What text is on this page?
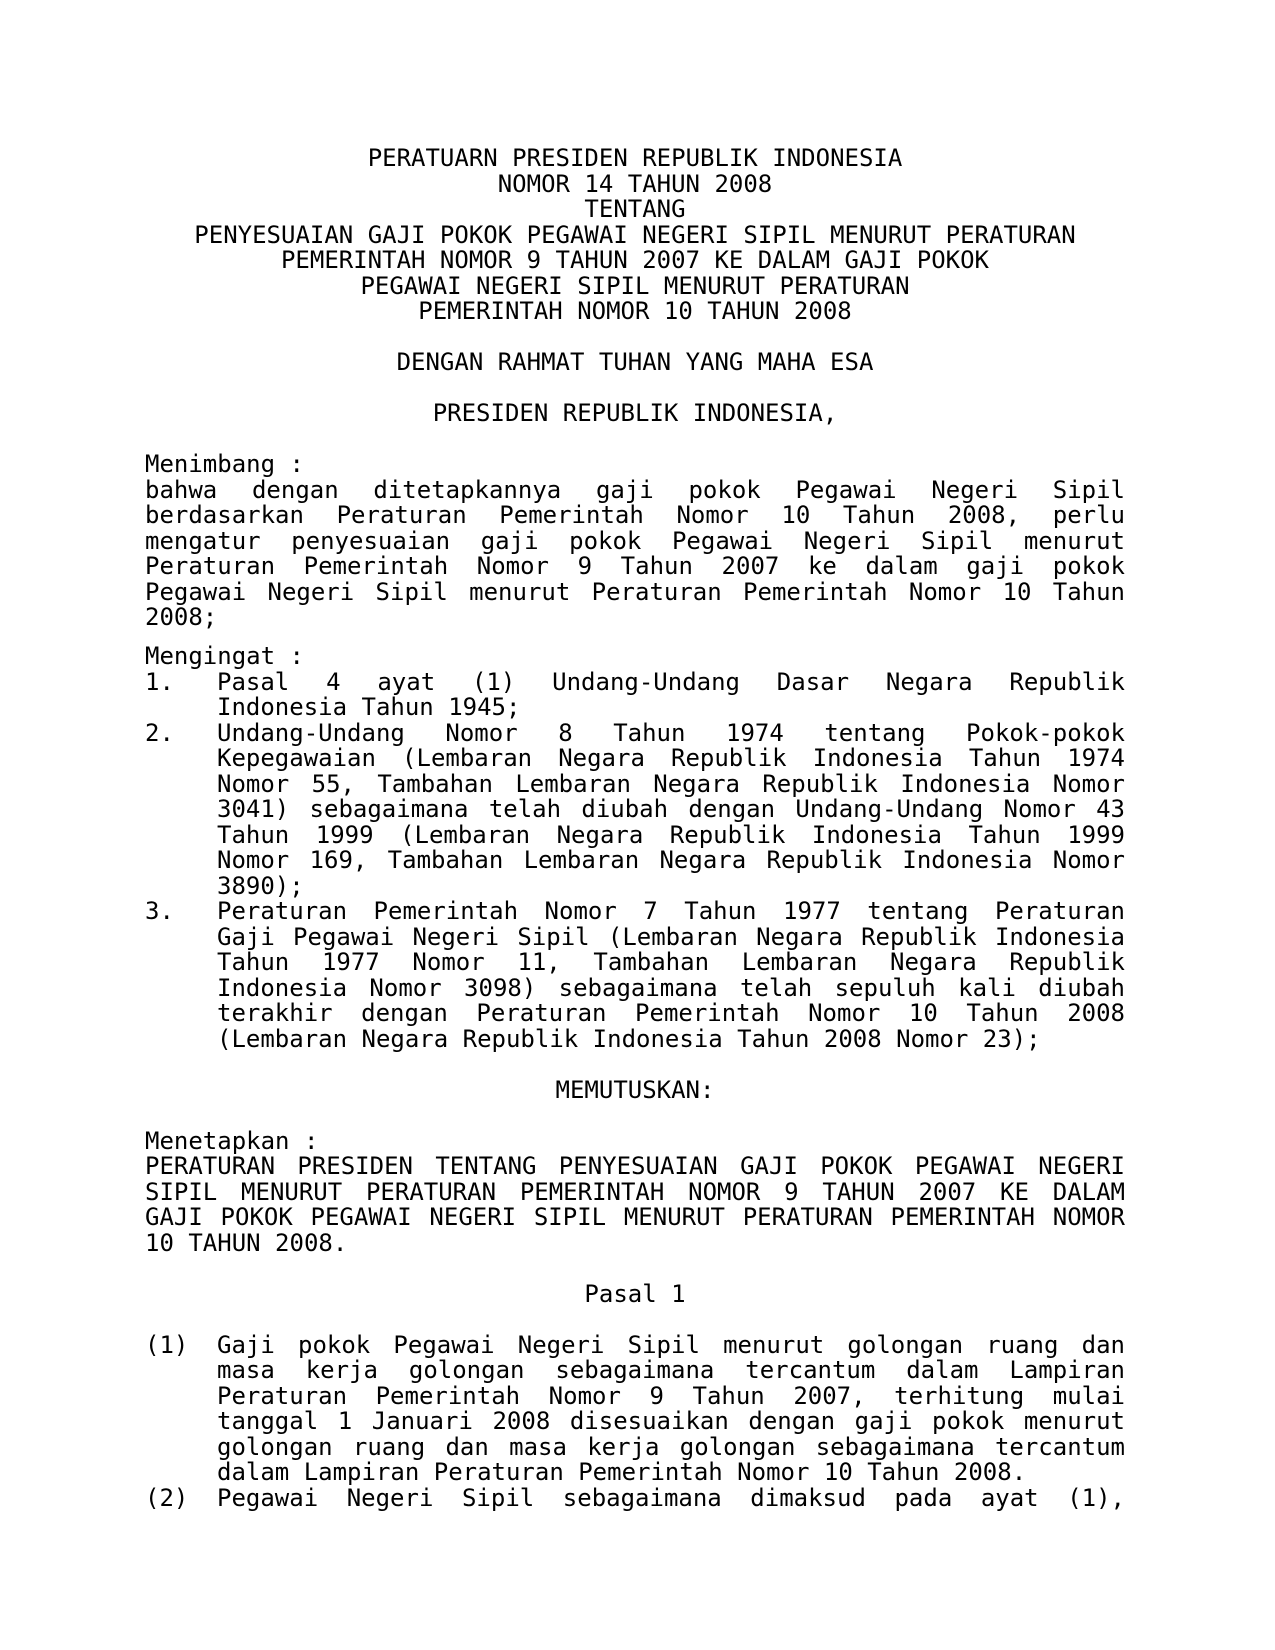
PERATUARN PRESIDEN REPUBLIK INDONESIA
NOMOR 14 TAHUN 2008
TENTANG
PENYESUAIAN GAJI POKOK PEGAWAI NEGERI SIPIL MENURUT PERATURAN
PEMERINTAH NOMOR 9 TAHUN 2007 KE DALAM GAJI POKOK
PEGAWAI NEGERI SIPIL MENURUT PERATURAN
PEMERINTAH NOMOR 10 TAHUN 2008
DENGAN RAHMAT TUHAN YANG MAHA ESA
PRESIDEN REPUBLIK INDONESIA,
Menimbang :
bahwa dengan ditetapkannya gaji pokok Pegawai Negeri Sipil
berdasarkan Peraturan Pemerintah Nomor 10 Tahun 2008, perlu
mengatur penyesuaian gaji pokok Pegawai Negeri Sipil menurut
Peraturan Pemerintah Nomor 9 Tahun 2007 ke dalam gaji pokok
Pegawai Negeri Sipil menurut Peraturan Pemerintah Nomor 10 Tahun
2008;
Mengingat :
1.	Pasal 4 ayat (1) Undang-Undang Dasar Negara Republik
Indonesia Tahun 1945;
2.	Undang-Undang Nomor 8 Tahun 1974 tentang Pokok-pokok
Kepegawaian (Lembaran Negara Republik Indonesia Tahun 1974
Nomor 55, Tambahan Lembaran Negara Republik Indonesia Nomor
3041) sebagaimana telah diubah dengan Undang-Undang Nomor 43
Tahun 1999 (Lembaran Negara Republik Indonesia Tahun 1999
Nomor 169, Tambahan Lembaran Negara Republik Indonesia Nomor
3890);
3.	Peraturan Pemerintah Nomor 7 Tahun 1977 tentang Peraturan
Gaji Pegawai Negeri Sipil (Lembaran Negara Republik Indonesia
Tahun 1977 Nomor 11, Tambahan Lembaran Negara Republik
Indonesia Nomor 3098) sebagaimana telah sepuluh kali diubah
terakhir dengan Peraturan Pemerintah Nomor 10 Tahun 2008
(Lembaran Negara Republik Indonesia Tahun 2008 Nomor 23);
MEMUTUSKAN:
Menetapkan :
PERATURAN PRESIDEN TENTANG PENYESUAIAN GAJI POKOK PEGAWAI NEGERI
SIPIL MENURUT PERATURAN PEMERINTAH NOMOR 9 TAHUN 2007 KE DALAM
GAJI POKOK PEGAWAI NEGERI SIPIL MENURUT PERATURAN PEMERINTAH NOMOR
10 TAHUN 2008.
Pasal 1
(1)	Gaji pokok Pegawai Negeri Sipil menurut golongan ruang dan
masa kerja golongan sebagaimana tercantum dalam Lampiran
Peraturan Pemerintah Nomor 9 Tahun 2007, terhitung mulai
tanggal 1 Januari 2008 disesuaikan dengan gaji pokok menurut
golongan ruang dan masa kerja golongan sebagaimana tercantum
dalam Lampiran Peraturan Pemerintah Nomor 10 Tahun 2008.
(2)	Pegawai Negeri Sipil sebagaimana dimaksud pada ayat (1),
